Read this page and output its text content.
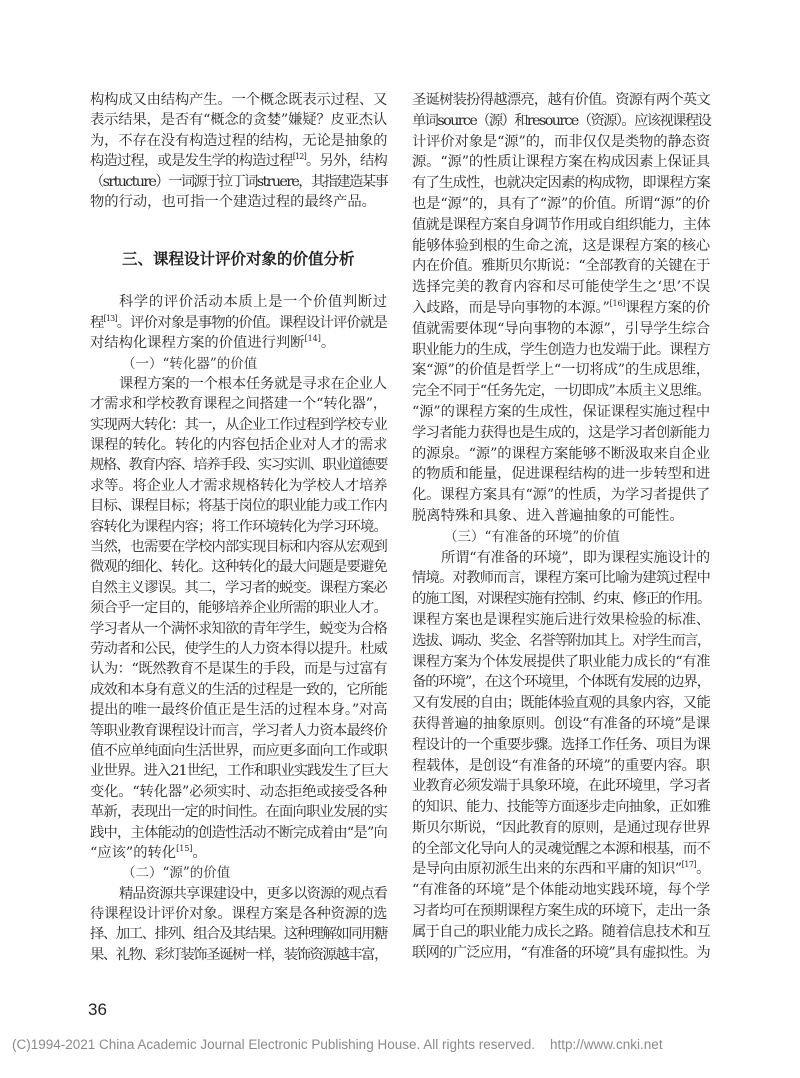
构构成又由结构产生。一个概念既表示过程、又
表示结果，是否有“概念的贪婪”嫌疑？皮亚杰认
为，不存在没有构造过程的结构，无论是抽象的
构造过程，或是发生学的构造过程[12]。另外，结构
（srtucture）一词源于拉丁词struere，其指建造某事
物的行动，也可指一个建造过程的最终产品。
三、课程设计评价对象的价值分析
科学的评价活动本质上是一个价值判断过
程[13]。评价对象是事物的价值。课程设计评价就是
对结构化课程方案的价值进行判断[14]。
（一）“转化器”的价值
课程方案的一个根本任务就是寻求在企业人
才需求和学校教育课程之间搭建一个“转化器”，
实现两大转化：其一，从企业工作过程到学校专业
课程的转化。转化的内容包括企业对人才的需求
规格、教育内容、培养手段、实习实训、职业道德要
求等。将企业人才需求规格转化为学校人才培养
目标、课程目标；将基于岗位的职业能力或工作内
容转化为课程内容；将工作环境转化为学习环境。
当然，也需要在学校内部实现目标和内容从宏观到
微观的细化、转化。这种转化的最大问题是要避免
自然主义谬误。其二，学习者的蜕变。课程方案必
须合乎一定目的，能够培养企业所需的职业人才。
学习者从一个满怀求知欲的青年学生，蜕变为合格
劳动者和公民，使学生的人力资本得以提升。杜威
认为：“既然教育不是谋生的手段，而是与过富有
成效和本身有意义的生活的过程是一致的，它所能
提出的唯一最终价值正是生活的过程本身。”对高
等职业教育课程设计而言，学习者人力资本最终价
值不应单纯面向生活世界，而应更多面向工作或职
业世界。进入21世纪，工作和职业实践发生了巨大
变化。“转化器”必须实时、动态拒绝或接受各种
革新，表现出一定的时间性。在面向职业发展的实
践中，主体能动的创造性活动不断完成着由“是”向
“应该”的转化[15]。
（二）“源”的价值
精品资源共享课建设中，更多以资源的观点看
待课程设计评价对象。课程方案是各种资源的选
择、加工、排列、组合及其结果。这种理解如同用糖
果、礼物、彩灯装饰圣诞树一样，装饰资源越丰富，
圣诞树装扮得越漂亮，越有价值。资源有两个英文
单词source（源）和resource（资源）。应该视课程设
计评价对象是“源”的，而非仅仅是类物的静态资
源。“源”的性质让课程方案在构成因素上保证具
有了生成性，也就决定因素的构成物，即课程方案
也是“源”的，具有了“源”的价值。所谓“源”的价
值就是课程方案自身调节作用或自组织能力，主体
能够体验到根的生命之流，这是课程方案的核心
内在价值。雅斯贝尔斯说：“全部教育的关键在于
选择完美的教育内容和尽可能使学生之‘思’不误
入歧路，而是导向事物的本源。”[16]课程方案的价
值就需要体现“导向事物的本源”，引导学生综合
职业能力的生成，学生创造力也发端于此。课程方
案“源”的价值是哲学上“一切将成”的生成思维，
完全不同于“任务先定，一切即成”本质主义思维。
“源”的课程方案的生成性，保证课程实施过程中
学习者能力获得也是生成的，这是学习者创新能力
的源泉。“源”的课程方案能够不断汲取来自企业
的物质和能量，促进课程结构的进一步转型和进
化。课程方案具有“源”的性质，为学习者提供了
脱离特殊和具象、进入普遍抽象的可能性。
（三）“有准备的环境”的价值
所谓“有准备的环境”，即为课程实施设计的
情境。对教师而言，课程方案可比喻为建筑过程中
的施工图，对课程实施有控制、约束、修正的作用。
课程方案也是课程实施后进行效果检验的标准、
选拔、调动、奖金、名誉等附加其上。对学生而言，
课程方案为个体发展提供了职业能力成长的“有准
备的环境”，在这个环境里，个体既有发展的边界，
又有发展的自由；既能体验直观的具象内容，又能
获得普遍的抽象原则。创设“有准备的环境”是课
程设计的一个重要步骤。选择工作任务、项目为课
程载体，是创设“有准备的环境”的重要内容。职
业教育必须发端于具象环境，在此环境里，学习者
的知识、能力、技能等方面逐步走向抽象，正如雅
斯贝尔斯说，“因此教育的原则，是通过现存世界
的全部文化导向人的灵魂觉醒之本源和根基，而不
是导向由原初派生出来的东西和平庸的知识”[17]。
“有准备的环境”是个体能动地实践环境，每个学
习者均可在预期课程方案生成的环境下，走出一条
属于自己的职业能力成长之路。随着信息技术和互
联网的广泛应用，“有准备的环境”具有虚拟性。为
36
(C)1994-2021 China Academic Journal Electronic Publishing House. All rights reserved.    http://www.cnki.net
